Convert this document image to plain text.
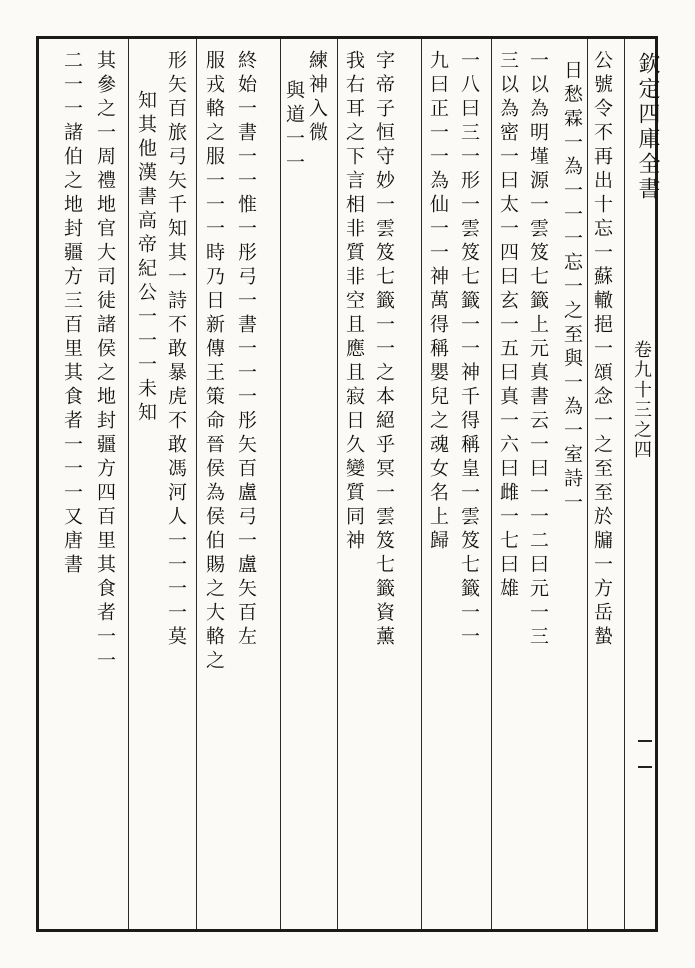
欽定四庫全書
卷九十三之四
公號令不再出十忘一蘇轍挹一頌念一之至至於牖一方岳蟄
日愁霖一為一一一忘一之至與一為一室詩一
一以為明墐源一雲笈七籤上元真書云一曰一一二曰元一三
三以為密一曰太一四曰玄一五曰真一六曰雌一七曰雄
一八曰三一形一雲笈七籤一一神千得稱皇一雲笈七籤一一
九曰正一一為仙一一神萬得稱嬰兒之魂女名上歸
字帝子恒守妙一雲笈七籤一一之本絕乎冥一雲笈七籤資薰
我右耳之下言相非質非空且應且寂日久變質同神
練神入微
與道一一
終始一書一一惟一彤弓一書一一一彤矢百盧弓一盧矢百左
服戎輅之服一一一時乃日新傳王策命晉侯為侯伯賜之大輅之
形矢百旅弓矢千知其一詩不敢暴虎不敢馮河人一一一一莫
知其他漢書高帝紀公一一一未知
其參之一周禮地官大司徒諸侯之地封疆方四百里其食者一一
二一一諸伯之地封疆方三百里其食者一一一又唐書
